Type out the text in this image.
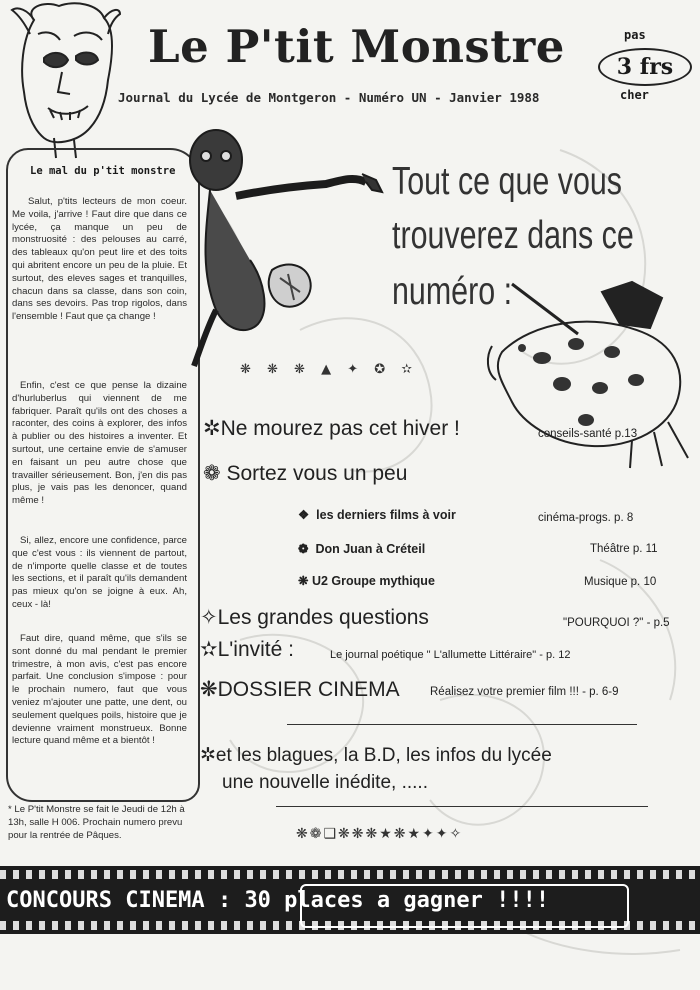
Le P'tit Monstre
Journal du Lycée de Montgeron - Numéro UN - Janvier 1988
pas
3 frs
cher
Le mal du p'tit monstre
Salut, p'tits lecteurs de mon coeur. Me voila, j'arrive ! Faut dire que dans ce lycée, ça manque un peu de monstruosité : des pelouses au carré, des tableaux qu'on peut lire et des toits qui abritent encore un peu de la pluie. Et surtout, des eleves sages et tranquilles, chacun dans sa classe, dans son coin, dans ses devoirs. Pas trop rigolos, dans l'ensemble ! Faut que ça change !
Enfin, c'est ce que pense la dizaine d'hurluberlus qui viennent de me fabriquer. Paraît qu'ils ont des choses a raconter, des coins à explorer, des infos à publier ou des histoires a inventer. Et surtout, une certaine envie de s'amuser en faisant un peu autre chose que travailler sérieusement. Bon, j'en dis pas plus, je vais pas les denoncer, quand même !
Si, allez, encore une confidence, parce que c'est vous : ils viennent de partout, de n'importe quelle classe et de toutes les sections, et il paraît qu'ils demandent pas mieux qu'on se joigne à eux. Ah, ceux - là!
Faut dire, quand même, que s'ils se sont donné du mal pendant le premier trimestre, à mon avis, c'est pas encore parfait. Une conclusion s'impose : pour le prochain numero, faut que vous veniez m'ajouter une patte, une dent, ou seulement quelques poils, histoire que je devienne vraiment monstrueux. Bonne lecture quand même et a bientôt !
* Le P'tit Monstre se fait le Jeudi de 12h à 13h, salle H 006. Prochain numero prevu pour la rentrée de Pâques.
❋ ❋ ❋ ▲ ✦ ✪ ✫
Tout ce que vous
trouverez dans ce
numéro :
✲Ne mourez pas cet hiver !	conseils-santé p.13
❁ Sortez vous un peu
❖ les derniers films à voir	cinéma-progs. p. 8
❁ Don Juan à Créteil	Théâtre p. 11
❋ U2 Groupe mythique	Musique p. 10
✧Les grandes questions	"POURQUOI ?" - p.5
✫L'invité :	Le journal poétique " L'allumette Littéraire" - p. 12
❋DOSSIER CINEMA	Réalisez votre premier film !!! - p. 6-9
✲et les blagues, la B.D, les infos du lycée
une nouvelle inédite, .....
❋❁❑❋❋❋★❋★✦✦✧
CONCOURS CINEMA : 30 places a gagner !!!!
